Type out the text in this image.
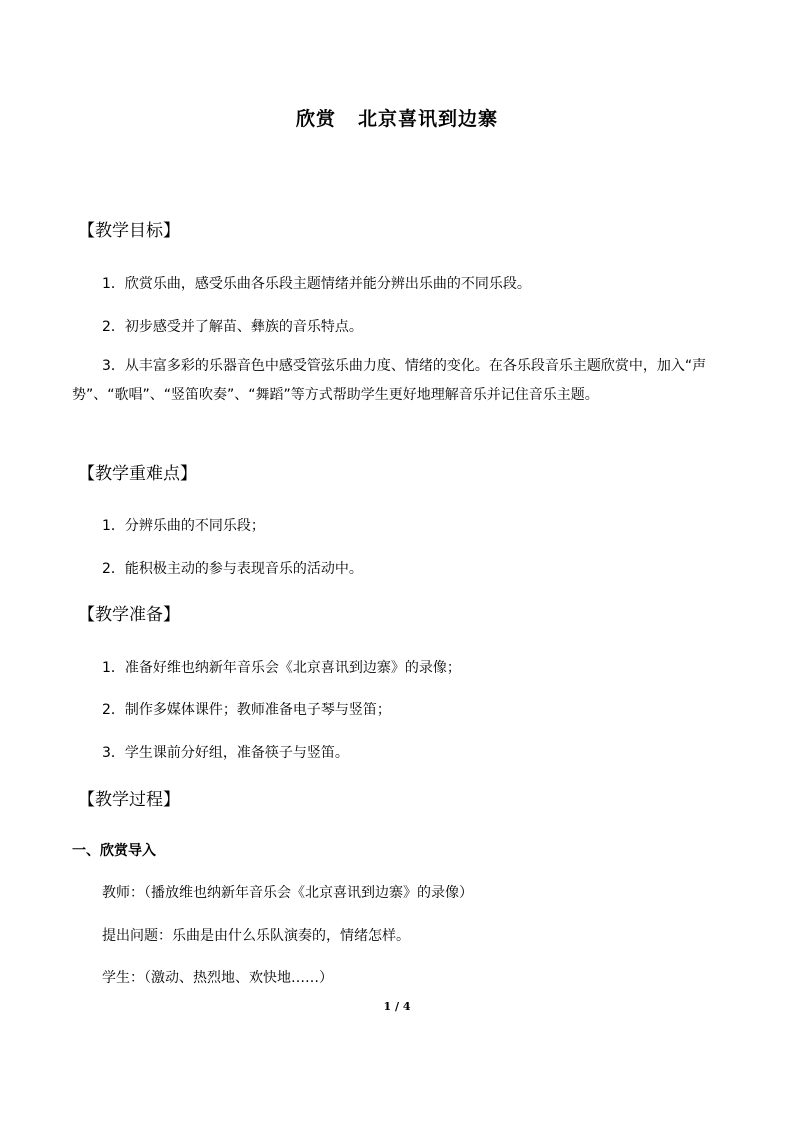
欣赏 北京喜讯到边寨
【教学目标】
1．欣赏乐曲，感受乐曲各乐段主题情绪并能分辨出乐曲的不同乐段。
2．初步感受并了解苗、彝族的音乐特点。
3．从丰富多彩的乐器音色中感受管弦乐曲力度、情绪的变化。在各乐段音乐主题欣赏中，加入“声势”、“歌唱”、“竖笛吹奏”、“舞蹈”等方式帮助学生更好地理解音乐并记住音乐主题。
【教学重难点】
1．分辨乐曲的不同乐段；
2．能积极主动的参与表现音乐的活动中。
【教学准备】
1．准备好维也纳新年音乐会《北京喜讯到边寨》的录像；
2．制作多媒体课件；教师准备电子琴与竖笛；
3．学生课前分好组，准备筷子与竖笛。
【教学过程】
一、欣赏导入
教师：（播放维也纳新年音乐会《北京喜讯到边寨》的录像）
提出问题：乐曲是由什么乐队演奏的，情绪怎样。
学生：（激动、热烈地、欢快地……）
1 / 4
